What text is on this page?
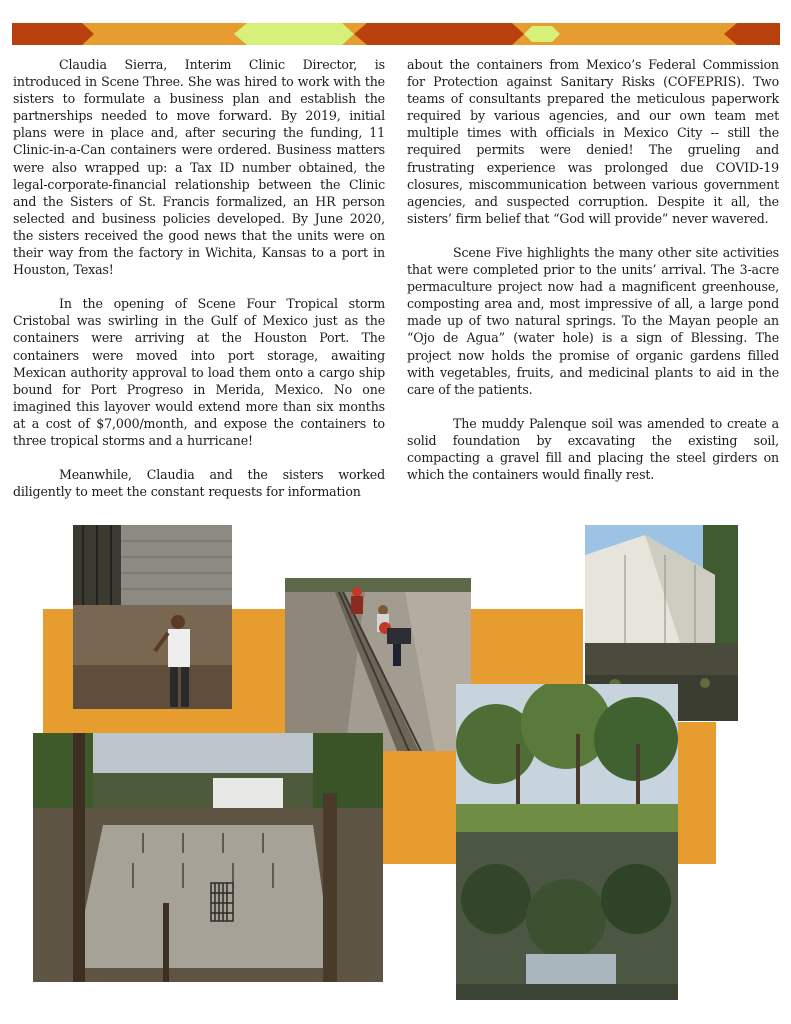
Claudia Sierra, Interim Clinic Director, is introduced in Scene Three. She was hired to work with the sisters to formulate a business plan and establish the partnerships needed to move forward. By 2019, initial plans were in place and, after securing the funding, 11 Clinic-in-a-Can containers were ordered. Business matters were also wrapped up: a Tax ID number obtained, the legal-corporate-financial relationship between the Clinic and the Sisters of St. Francis formalized, an HR person selected and business policies developed. By June 2020, the sisters received the good news that the units were on their way from the factory in Wichita, Kansas to a port in Houston, Texas!

In the opening of Scene Four Tropical storm Cristobal was swirling in the Gulf of Mexico just as the containers were arriving at the Houston Port. The containers were moved into port storage, awaiting Mexican authority approval to load them onto a cargo ship bound for Port Progreso in Merida, Mexico. No one imagined this layover would extend more than six months at a cost of $7,000/month, and expose the containers to three tropical storms and a hurricane!

Meanwhile, Claudia and the sisters worked diligently to meet the constant requests for information

about the containers from Mexico’s Federal Commission for Protection against Sanitary Risks (COFEPRIS). Two teams of consultants prepared the meticulous paperwork required by various agencies, and our own team met multiple times with officials in Mexico City -- still the required permits were denied! The grueling and frustrating experience was prolonged due COVID-19 closures, miscommunication between various government agencies, and suspected corruption. Despite it all, the sisters’ firm belief that “God will provide” never wavered.

Scene Five highlights the many other site activities that were completed prior to the units’ arrival. The 3-acre permaculture project now had a magnificent greenhouse, composting area and, most impressive of all, a large pond made up of two natural springs. To the Mayan people an “Ojo de Agua” (water hole) is a sign of Blessing. The project now holds the promise of organic gardens filled with vegetables, fruits, and medicinal plants to aid in the care of the patients.

The muddy Palenque soil was amended to create a solid foundation by excavating the existing soil, compacting a gravel fill and placing the steel girders on which the containers would finally rest.
